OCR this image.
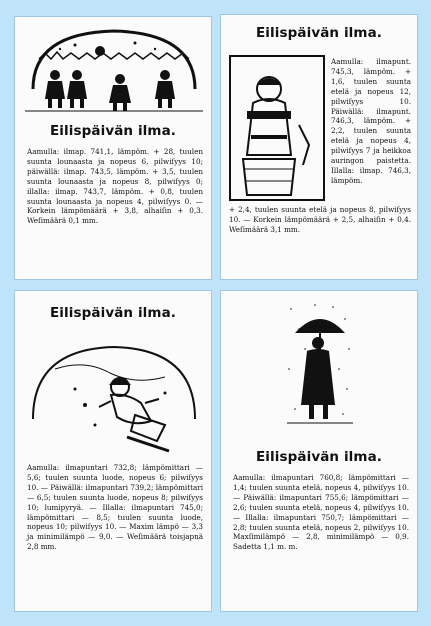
Eilispäivän ilma.

Aamulla: ilmap. 741,1, lämpöm. + 28, tuulen suunta lounaasta ja nopeus 6, pilwiſyys 10; päiwällä: ilmap. 743,5, lämpöm. + 3,5, tuulen suunta lounaasta ja nopeus 8, pilwiſyys 0; illalla: ilmap. 743,7, lämpöm. + 0,8, tuulen suunta lounaasta ja nopeus 4, pilwiſyys 0. — Korkein lämpömäärä + 3,8, alhaiſin + 0,3. Weſimäärä 0,1 mm.

Eilispäivän ilma.

Aamulla: ilmapunt. 745,3, lämpöm. + 1,6, tuulen suunta etelä ja nopeus 12, pilwiſyys 10. Päiwällä: ilmapunt. 746,3, lämpöm. + 2,2, tuulen suunta etelä ja nopeus 4, pilwiſyys 7 ja heikkoa auringon paistetta. Illalla: ilmap. 746,3, lämpöm.

+ 2,4, tuulen suunta etelä ja nopeus 8, pilwiſyys 10. — Korkein lämpömäärä + 2,5, alhaiſin + 0,4. Weſimäärä 3,1 mm.

Eilispäivän ilma.

Aamulla: ilmapuntari 732,8; lämpömittari — 5,6; tuulen suunta luode, nopeus 6; pilwiſyys 10. — Päiwällä: ilmapuntari 739,2; lämpömittari — 6,5; tuulen suunta luode, nopeus 8; pilwiſyys 10; lumipyryä. — Illalla: ilmapuntari 745,0; lämpömittari — 8,5; tuulen suunta luode, nopeus 10; pilwiſyys 10. — Maxim lämpö — 3,3 ja minimilämpö — 9,0. — Weſimäärä toisjapnä 2,8 mm.

Eilispäivän ilma.

Aamulla: ilmapuntari 760,8; lämpömittari — 1,4; tuulen suunta etelä, nopeus 4, pilwiſyys 10. — Päiwällä: ilmapuntari 755,6; lämpömittari — 2,6; tuulen suunta etelä, nopeus 4, pilwiſyys 10. — Illalla: ilmapuntari 750,7; lämpömittari — 2,8; tuulen suunta etelä, nopeus 2, pilwiſyys 10. Maxſimilämpö — 2,8, minimilämpö — 0,9. Sadetta 1,1 m. m.
